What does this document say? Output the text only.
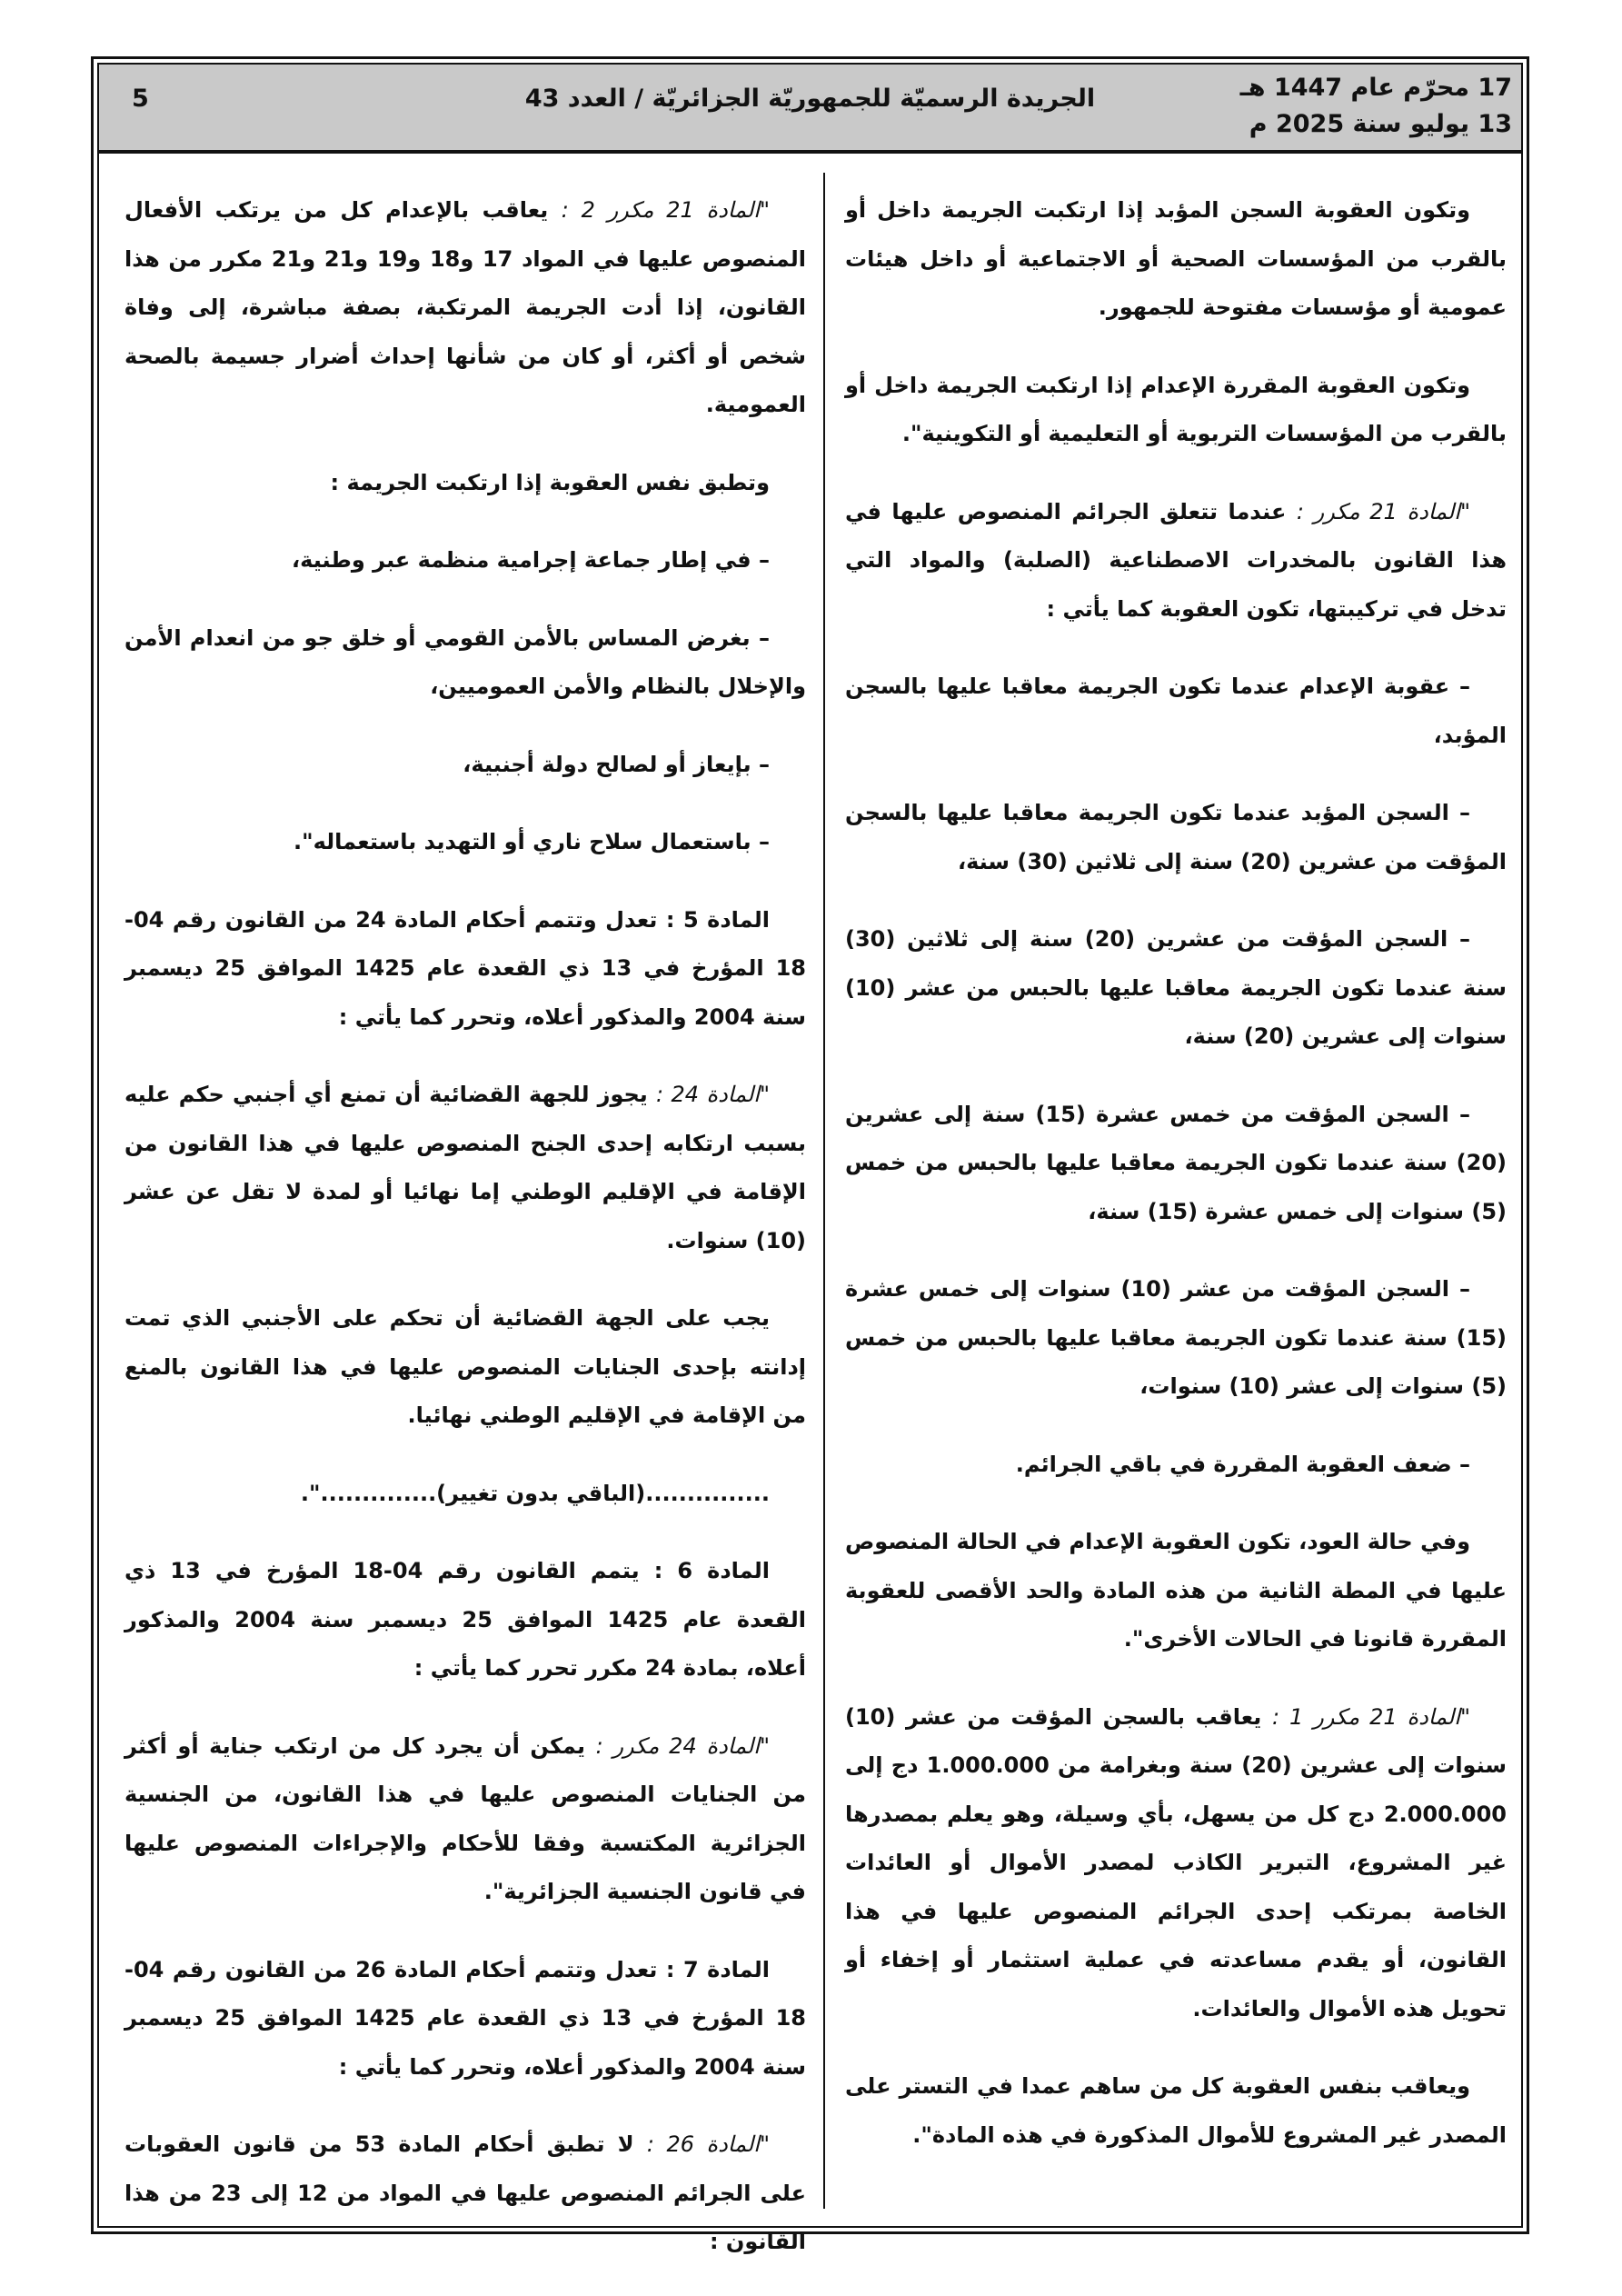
17 محرّم عام 1447 هـ
13 يوليو سنة 2025 م
الجريدة الرسميّة للجمهوريّة الجزائريّة / العدد 43
5

وتكون العقوبة السجن المؤبد إذا ارتكبت الجريمة داخل أو بالقرب من المؤسسات الصحية أو الاجتماعية أو داخل هيئات عمومية أو مؤسسات مفتوحة للجمهور.

وتكون العقوبة المقررة الإعدام إذا ارتكبت الجريمة داخل أو بالقرب من المؤسسات التربوية أو التعليمية أو التكوينية".

"المادة 21 مكرر : عندما تتعلق الجرائم المنصوص عليها في هذا القانون بالمخدرات الاصطناعية (الصلبة) والمواد التي تدخل في تركيبتها، تكون العقوبة كما يأتي :

– عقوبة الإعدام عندما تكون الجريمة معاقبا عليها بالسجن المؤبد،

– السجن المؤبد عندما تكون الجريمة معاقبا عليها بالسجن المؤقت من عشرين (20) سنة إلى ثلاثين (30) سنة،

– السجن المؤقت من عشرين (20) سنة إلى ثلاثين (30) سنة عندما تكون الجريمة معاقبا عليها بالحبس من عشر (10) سنوات إلى عشرين (20) سنة،

– السجن المؤقت من خمس عشرة (15) سنة إلى عشرين (20) سنة عندما تكون الجريمة معاقبا عليها بالحبس من خمس (5) سنوات إلى خمس عشرة (15) سنة،

– السجن المؤقت من عشر (10) سنوات إلى خمس عشرة (15) سنة عندما تكون الجريمة معاقبا عليها بالحبس من خمس (5) سنوات إلى عشر (10) سنوات،

– ضعف العقوبة المقررة في باقي الجرائم.

وفي حالة العود، تكون العقوبة الإعدام في الحالة المنصوص عليها في المطة الثانية من هذه المادة والحد الأقصى للعقوبة المقررة قانونا في الحالات الأخرى".

"المادة 21 مكرر 1 : يعاقب بالسجن المؤقت من عشر (10) سنوات إلى عشرين (20) سنة وبغرامة من 1.000.000 دج إلى 2.000.000 دج كل من يسهل، بأي وسيلة، وهو يعلم بمصدرها غير المشروع، التبرير الكاذب لمصدر الأموال أو العائدات الخاصة بمرتكب إحدى الجرائم المنصوص عليها في هذا القانون، أو يقدم مساعدته في عملية استثمار أو إخفاء أو تحويل هذه الأموال والعائدات.

ويعاقب بنفس العقوبة كل من ساهم عمدا في التستر على المصدر غير المشروع للأموال المذكورة في هذه المادة".

"المادة 21 مكرر 2 : يعاقب بالإعدام كل من يرتكب الأفعال المنصوص عليها في المواد 17 و18 و19 و21 و21 مكرر من هذا القانون، إذا أدت الجريمة المرتكبة، بصفة مباشرة، إلى وفاة شخص أو أكثر، أو كان من شأنها إحداث أضرار جسيمة بالصحة العمومية.

وتطبق نفس العقوبة إذا ارتكبت الجريمة :

– في إطار جماعة إجرامية منظمة عبر وطنية،

– بغرض المساس بالأمن القومي أو خلق جو من انعدام الأمن والإخلال بالنظام والأمن العموميين،

– بإيعاز أو لصالح دولة أجنبية،

– باستعمال سلاح ناري أو التهديد باستعماله".

المادة 5 : تعدل وتتمم أحكام المادة 24 من القانون رقم 04-18 المؤرخ في 13 ذي القعدة عام 1425 الموافق 25 ديسمبر سنة 2004 والمذكور أعلاه، وتحرر كما يأتي :

"المادة 24 : يجوز للجهة القضائية أن تمنع أي أجنبي حكم عليه بسبب ارتكابه إحدى الجنح المنصوص عليها في هذا القانون من الإقامة في الإقليم الوطني إما نهائيا أو لمدة لا تقل عن عشر (10) سنوات.

يجب على الجهة القضائية أن تحكم على الأجنبي الذي تمت إدانته بإحدى الجنايات المنصوص عليها في هذا القانون بالمنع من الإقامة في الإقليم الوطني نهائيا.

...............(الباقي بدون تغيير)..............".

المادة 6 : يتمم القانون رقم 04-18 المؤرخ في 13 ذي القعدة عام 1425 الموافق 25 ديسمبر سنة 2004 والمذكور أعلاه، بمادة 24 مكرر تحرر كما يأتي :

"المادة 24 مكرر : يمكن أن يجرد كل من ارتكب جناية أو أكثر من الجنايات المنصوص عليها في هذا القانون، من الجنسية الجزائرية المكتسبة وفقا للأحكام والإجراءات المنصوص عليها في قانون الجنسية الجزائرية".

المادة 7 : تعدل وتتمم أحكام المادة 26 من القانون رقم 04-18 المؤرخ في 13 ذي القعدة عام 1425 الموافق 25 ديسمبر سنة 2004 والمذكور أعلاه، وتحرر كما يأتي :

"المادة 26 : لا تطبق أحكام المادة 53 من قانون العقوبات على الجرائم المنصوص عليها في المواد من 12 إلى 23 من هذا القانون :
